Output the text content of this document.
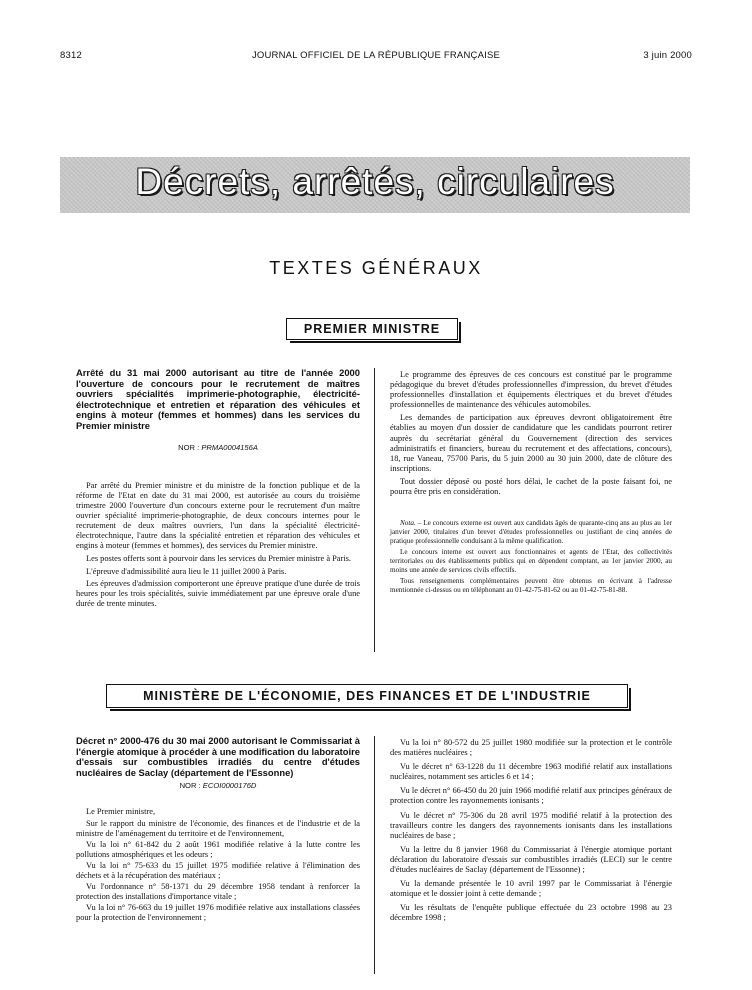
8312	JOURNAL OFFICIEL DE LA RÉPUBLIQUE FRANÇAISE	3 juin 2000
Décrets, arrêtés, circulaires
TEXTES GÉNÉRAUX
PREMIER MINISTRE
Arrêté du 31 mai 2000 autorisant au titre de l'année 2000 l'ouverture de concours pour le recrutement de maîtres ouvriers spécialités imprimerie-photographie, électricité-électrotechnique et entretien et réparation des véhicules et engins à moteur (femmes et hommes) dans les services du Premier ministre
NOR : PRMA0004156A

Par arrêté du Premier ministre et du ministre de la fonction publique et de la réforme de l'Etat en date du 31 mai 2000, est autorisée au cours du troisième trimestre 2000 l'ouverture d'un concours externe pour le recrutement d'un maître ouvrier spécialité imprimerie-photographie, de deux concours internes pour le recrutement de deux maîtres ouvriers, l'un dans la spécialité électricité-électrotechnique, l'autre dans la spécialité entretien et réparation des véhicules et engins à moteur (femmes et hommes), des services du Premier ministre.

Les postes offerts sont à pourvoir dans les services du Premier ministre à Paris.

L'épreuve d'admissibilité aura lieu le 11 juillet 2000 à Paris.

Les épreuves d'admission comporteront une épreuve pratique d'une durée de trois heures pour les trois spécialités, suivie immédiatement par une épreuve orale d'une durée de trente minutes.

Le programme des épreuves de ces concours est constitué par le programme pédagogique du brevet d'études professionnelles d'impression, du brevet d'études professionnelles d'installation et équipements électriques et du brevet d'études professionnelles de maintenance des véhicules automobiles.

Les demandes de participation aux épreuves devront obligatoirement être établies au moyen d'un dossier de candidature que les candidats pourront retirer auprès du secrétariat général du Gouvernement (direction des services administratifs et financiers, bureau du recrutement et des affectations, concours), 18, rue Vaneau, 75700 Paris, du 5 juin 2000 au 30 juin 2000, date de clôture des inscriptions.

Tout dossier déposé ou posté hors délai, le cachet de la poste faisant foi, ne pourra être pris en considération.

Nota. – Le concours externe est ouvert aux candidats âgés de quarante-cinq ans au plus au 1er janvier 2000, titulaires d'un brevet d'études professionnelles ou justifiant de cinq années de pratique professionnelle conduisant à la même qualification.

Le concours interne est ouvert aux fonctionnaires et agents de l'Etat, des collectivités territoriales ou des établissements publics qui en dépendent comptant, au 1er janvier 2000, au moins une année de services civils effectifs.

Tous renseignements complémentaires peuvent être obtenus en écrivant à l'adresse mentionnée ci-dessus ou en téléphonant au 01-42-75-81-62 ou au 01-42-75-81-88.

MINISTÈRE DE L'ÉCONOMIE, DES FINANCES ET DE L'INDUSTRIE
Décret n° 2000-476 du 30 mai 2000 autorisant le Commissariat à l'énergie atomique à procéder à une modification du laboratoire d'essais sur combustibles irradiés du centre d'études nucléaires de Saclay (département de l'Essonne)
NOR : ECOI0000176D

Le Premier ministre,

Sur le rapport du ministre de l'économie, des finances et de l'industrie et de la ministre de l'aménagement du territoire et de l'environnement,

Vu la loi n° 61-842 du 2 août 1961 modifiée relative à la lutte contre les pollutions atmosphériques et les odeurs ;

Vu la loi n° 75-633 du 15 juillet 1975 modifiée relative à l'élimination des déchets et à la récupération des matériaux ;

Vu l'ordonnance n° 58-1371 du 29 décembre 1958 tendant à renforcer la protection des installations d'importance vitale ;

Vu la loi n° 76-663 du 19 juillet 1976 modifiée relative aux installations classées pour la protection de l'environnement ;

Vu la loi n° 80-572 du 25 juillet 1980 modifiée sur la protection et le contrôle des matières nucléaires ;

Vu le décret n° 63-1228 du 11 décembre 1963 modifié relatif aux installations nucléaires, notamment ses articles 6 et 14 ;

Vu le décret n° 66-450 du 20 juin 1966 modifié relatif aux principes généraux de protection contre les rayonnements ionisants ;

Vu le décret n° 75-306 du 28 avril 1975 modifié relatif à la protection des travailleurs contre les dangers des rayonnements ionisants dans les installations nucléaires de base ;

Vu la lettre du 8 janvier 1968 du Commissariat à l'énergie atomique portant déclaration du laboratoire d'essais sur combustibles irradiés (LECI) sur le centre d'études nucléaires de Saclay (département de l'Essonne) ;

Vu la demande présentée le 10 avril 1997 par le Commissariat à l'énergie atomique et le dossier joint à cette demande ;

Vu les résultats de l'enquête publique effectuée du 23 octobre 1998 au 23 décembre 1998 ;
